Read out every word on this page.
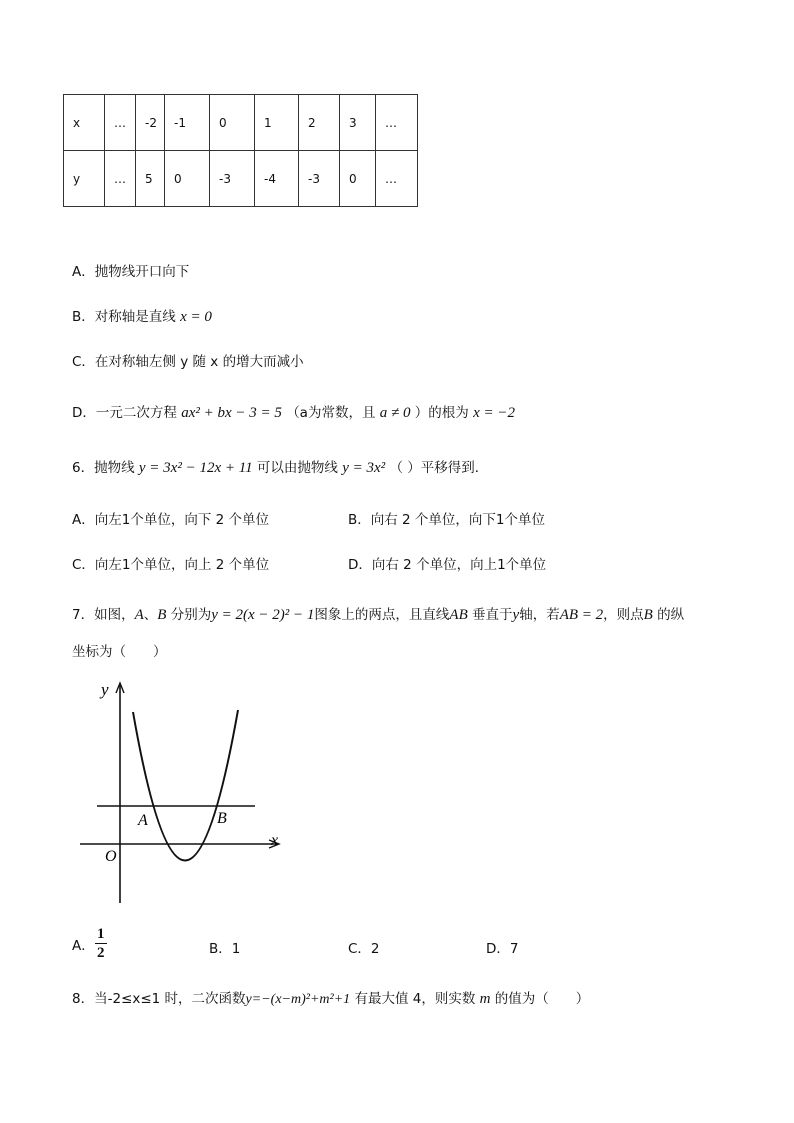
x	…	-2	-1	0	1	2	3	…
y	…	5	0	-3	-4	-3	0	…
A．抛物线开口向下
B．对称轴是直线 x = 0
C．在对称轴左侧 y 随 x 的增大而减小
D．一元二次方程 ax² + bx − 3 = 5 （a为常数，且 a ≠ 0 ）的根为 x = −2
6．抛物线 y = 3x² − 12x + 11 可以由抛物线 y = 3x² （ ）平移得到．
A．向左1个单位，向下 2 个单位	B．向右 2 个单位，向下1个单位
C．向左1个单位，向上 2 个单位	D．向右 2 个单位，向上1个单位
7．如图，A、B 分别为y = 2(x − 2)² − 1图象上的两点，且直线AB 垂直于y轴，若AB = 2，则点B 的纵
坐标为（　　）
y
x
O
A	B
A． $\frac{1}{2}$	B．1	C．2	D．7
8．当-2≤x≤1 时，二次函数y=−(x−m)²+m²+1 有最大值 4，则实数 m 的值为（　　）
